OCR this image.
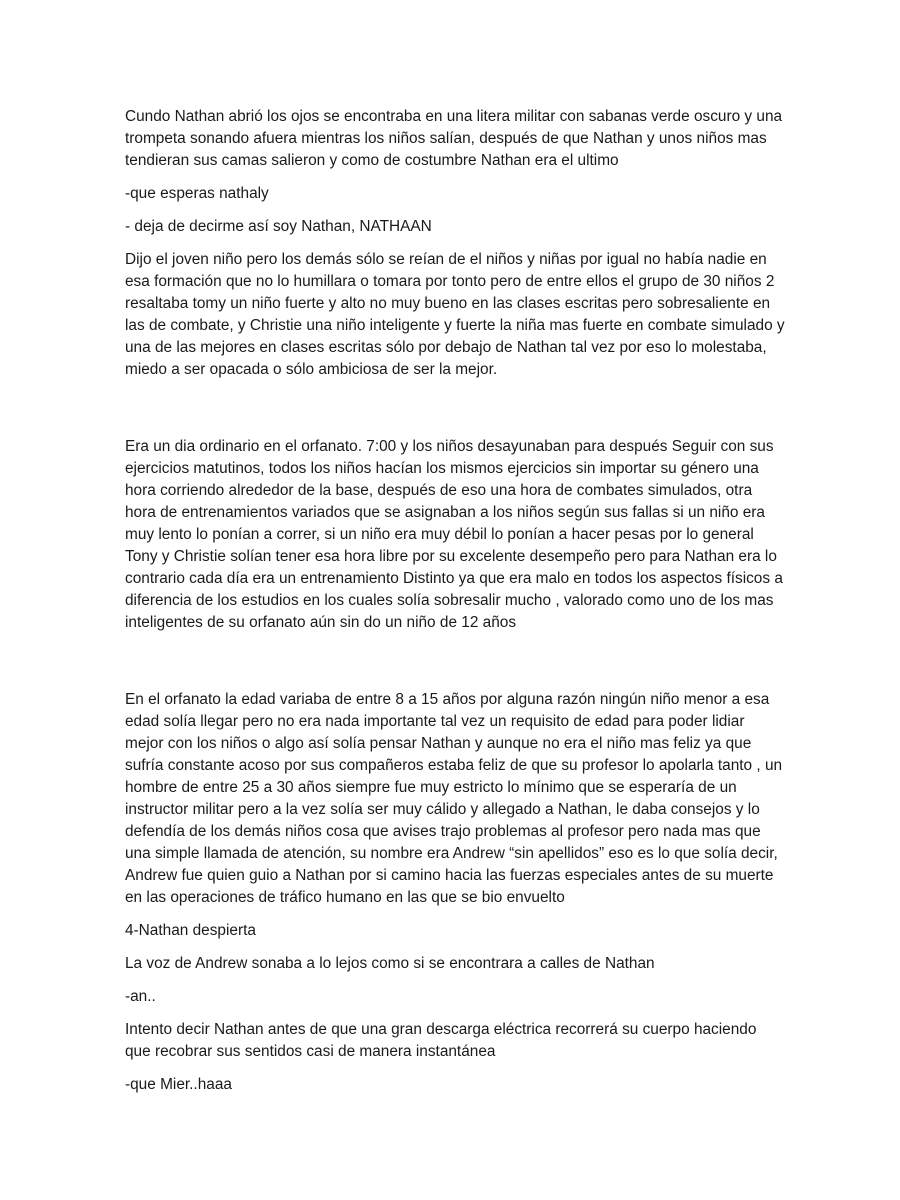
Cundo Nathan abrió los ojos se encontraba en una litera militar con sabanas verde oscuro y una trompeta sonando afuera mientras los niños salían, después de que Nathan y unos niños mas tendieran sus camas salieron y como de costumbre Nathan era el ultimo

-que esperas nathaly

- deja de decirme así soy Nathan, NATHAAN

Dijo el joven niño pero los demás sólo se reían de el niños y niñas por igual no había nadie en esa formación que no lo humillara o tomara por tonto pero de entre ellos el grupo de 30 niños 2 resaltaba tomy un niño fuerte y alto no muy bueno en las clases escritas pero sobresaliente en las de combate, y Christie una niño inteligente y fuerte la niña mas fuerte en combate simulado y una de las mejores en clases escritas sólo por debajo de Nathan tal vez por eso lo molestaba, miedo a ser opacada o sólo ambiciosa de ser la mejor.

Era un dia ordinario en el orfanato. 7:00 y los niños desayunaban para después Seguir con sus ejercicios matutinos, todos los niños hacían los mismos ejercicios sin importar su género una hora corriendo alrededor de la base, después de eso una hora de combates simulados, otra hora de entrenamientos variados que se asignaban a los niños según sus fallas si un niño era muy lento lo ponían a correr, si un niño era muy débil lo ponían a hacer pesas por lo general Tony y Christie solían tener esa hora libre por su excelente desempeño pero para Nathan era lo contrario cada día era un entrenamiento Distinto ya que era malo en todos los aspectos físicos a diferencia de los estudios en los cuales solía sobresalir mucho , valorado como uno de los mas inteligentes de su orfanato aún sin do un niño de 12 años

En el orfanato la edad variaba de entre 8 a 15 años por alguna razón ningún niño menor a esa edad solía llegar pero no era nada importante tal vez un requisito de edad para poder lidiar mejor con los niños o algo así solía pensar Nathan y aunque no era el niño mas feliz ya que sufría constante acoso por sus compañeros estaba feliz de que su profesor lo apolarla tanto , un hombre de entre 25 a 30 años siempre fue muy estricto lo mínimo que se esperaría de un instructor militar pero a la vez solía ser muy cálido y allegado a Nathan, le daba consejos y lo defendía de los demás niños cosa que avises trajo problemas al profesor pero nada mas que una simple llamada de atención, su nombre era Andrew “sin apellidos” eso es lo que solía decir, Andrew fue quien guio a Nathan por si camino hacia las fuerzas especiales antes de su muerte en las operaciones de tráfico humano en las que se bio envuelto

4-Nathan despierta

La voz de Andrew sonaba a lo lejos como si se encontrara a calles de Nathan

-an..

Intento decir Nathan antes de que una gran descarga eléctrica recorrerá su cuerpo haciendo que recobrar sus sentidos casi de manera instantánea

-que Mier..haaa
